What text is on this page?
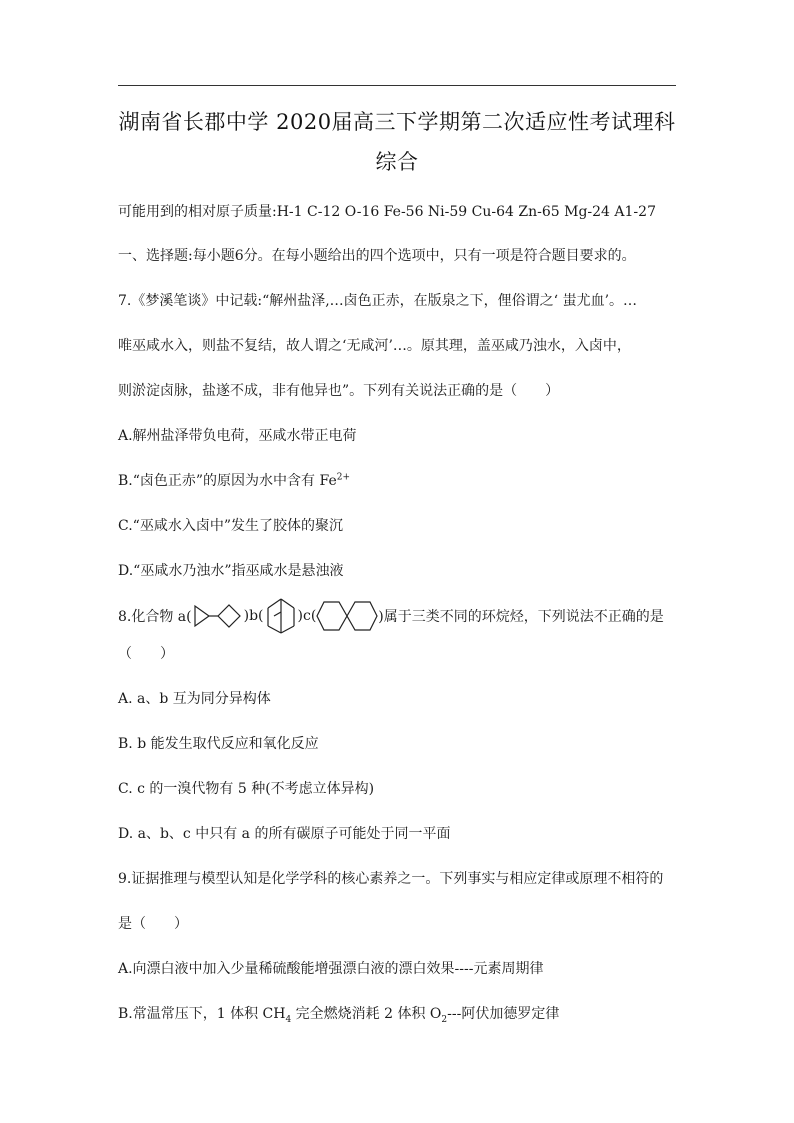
湖南省长郡中学 2020届高三下学期第二次适应性考试理科
综合
可能用到的相对原子质量:H-1 C-12 O-16 Fe-56 Ni-59 Cu-64 Zn-65 Mg-24 A1-27
一、选择题:每小题6分。在每小题给出的四个选项中，只有一项是符合题目要求的。
7.《梦溪笔谈》中记载:“解州盐泽,…卤色正赤，在版泉之下，俚俗谓之‘ 蚩尤血’。…
唯巫咸水入，则盐不复结，故人谓之‘无咸河’…。原其理，盖巫咸乃浊水，入卤中，
则淤淀卤脉，盐遂不成，非有他异也”。下列有关说法正确的是（　　）
A.解州盐泽带负电荷，巫咸水带正电荷
B.“卤色正赤”的原因为水中含有 $Fe^{2+}$
C.“巫咸水入卤中”发生了胶体的聚沉
D.“巫咸水乃浊水”指巫咸水是悬浊液
8.化合物 a(	)b( )c(	)属于三类不同的环烷烃，下列说法不正确的是
（　　）
A. a、b 互为同分异构体
B. b 能发生取代反应和氧化反应
C. c 的一溴代物有 5 种(不考虑立体异构)
D. a、b、c 中只有 a 的所有碳原子可能处于同一平面
9.证据推理与模型认知是化学学科的核心素养之一。下列事实与相应定律或原理不相符的
是（　　）
A.向漂白液中加入少量稀硫酸能增强漂白液的漂白效果----元素周期律
B.常温常压下，1 体积 $CH_4$ 完全燃烧消耗 2 体积 $O_2---$阿伏加德罗定律
